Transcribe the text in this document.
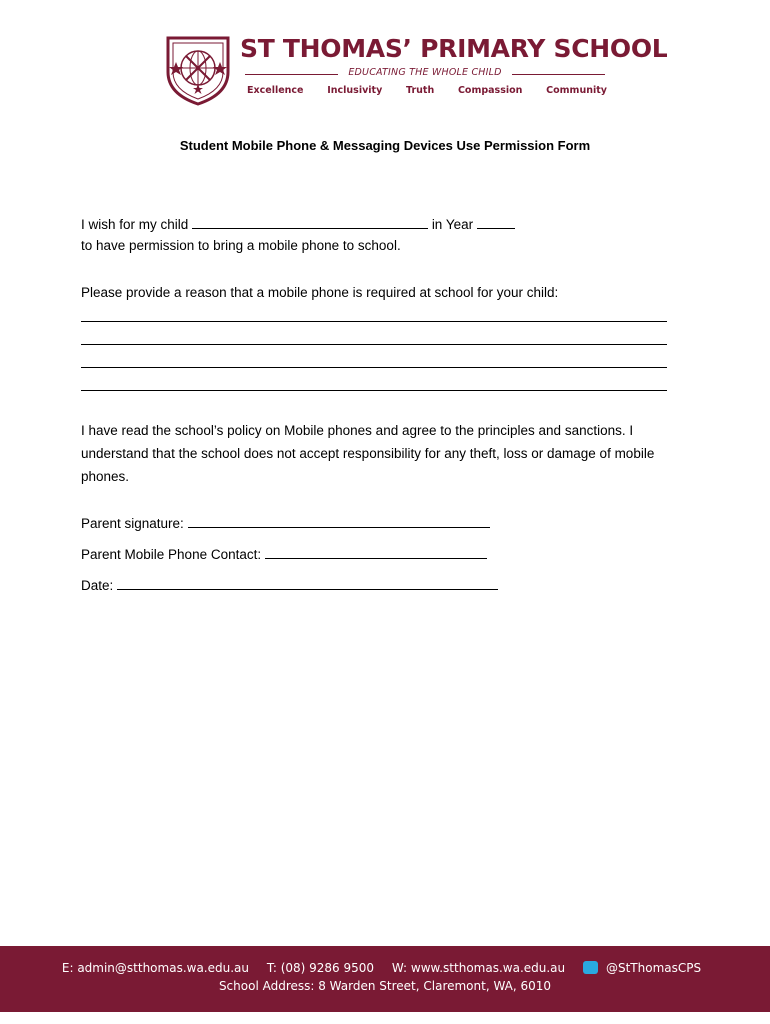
ST THOMAS’ PRIMARY SCHOOL
EDUCATING THE WHOLE CHILD
Excellence Inclusivity Truth Compassion Community
Student Mobile Phone & Messaging Devices Use Permission Form
I wish for my child	in Year
to have permission to bring a mobile phone to school.
Please provide a reason that a mobile phone is required at school for your child:
I have read the school’s policy on Mobile phones and agree to the principles and sanctions. I understand that the school does not accept responsibility for any theft, loss or damage of mobile phones.
Parent signature:
Parent Mobile Phone Contact:
Date:
E: admin@stthomas.wa.edu.au T: (08) 9286 9500 W: www.stthomas.wa.edu.au	@StThomasCPS
School Address: 8 Warden Street, Claremont, WA, 6010
